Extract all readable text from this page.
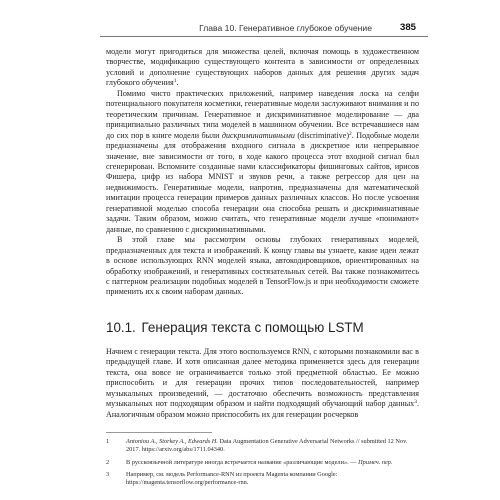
Глава 10. Генеративное глубокое обучение	385

модели могут пригодиться для множества целей, включая помощь в художественном творчестве, модификацию существующего контента в зависимости от определенных условий и дополнение существующих наборов данных для решения других задач глубокого обучения$^1$.

Помимо чисто практических приложений, например наведения лоска на селфи потенциального покупателя косметики, генеративные модели заслуживают внимания и по теоретическим причинам. Генеративное и дискриминативное моделирование — два принципиально различных типа моделей в машинном обучении. Все встречавшиеся нам до сих пор в книге модели были дискриминативными (discriminative)$^2$. Подобные модели предназначены для отображения входного сигнала в дискретное или непрерывное значение, вне зависимости от того, в ходе какого процесса этот входной сигнал был сгенерирован. Вспомните созданные нами классификаторы фишинговых сайтов, ирисов Фишера, цифр из набора MNIST и звуков речи, а также регрессор для цен на недвижимость. Генеративные модели, напротив, предназначены для математической имитации процесса генерации примеров данных различных классов. Но после усвоения генеративной моделью способа генерации она способна решать и дискриминативные задачи. Таким образом, можно считать, что генеративные модели лучше «понимают» данные, по сравнению с дискриминативными.

В этой главе мы рассмотрим основы глубоких генеративных моделей, предназначенных для текста и изображений. К концу главы вы узнаете, какие идеи лежат в основе использующих RNN моделей языка, автокодировщиков, ориентированных на обработку изображений, и генеративных состязательных сетей. Вы также познакомитесь с паттерном реализации подобных моделей в TensorFlow.js и при необходимости сможете применить их к своим наборам данных.

10.1. Генерация текста с помощью LSTM

Начнем с генерации текста. Для этого воспользуемся RNN, с которыми познакомили вас в предыдущей главе. И хотя описанная далее методика применяется здесь для генерации текста, она вовсе не ограничивается только этой предметной областью. Ее можно приспособить и для генерации прочих типов последовательностей, например музыкальных произведений, — достаточно обеспечить возможность представления музыкальных нот подходящим образом и найти подходящий обучающий набор данных$^3$. Аналогичным образом можно приспособить их для генерации росчерков

1	Antoniou A., Storkey A., Edwards H. Data Augmentation Generative Adversarial Networks // submitted 12 Nov. 2017. https://arxiv.org/abs/1711.04340.

2	В русскоязычной литературе иногда встречается название «различающие модели». — Примеч. пер.

3	Например, см. модель Performance-RNN из проекта Magenta компании Google: https://magenta.tensorflow.org/performance-rnn.
